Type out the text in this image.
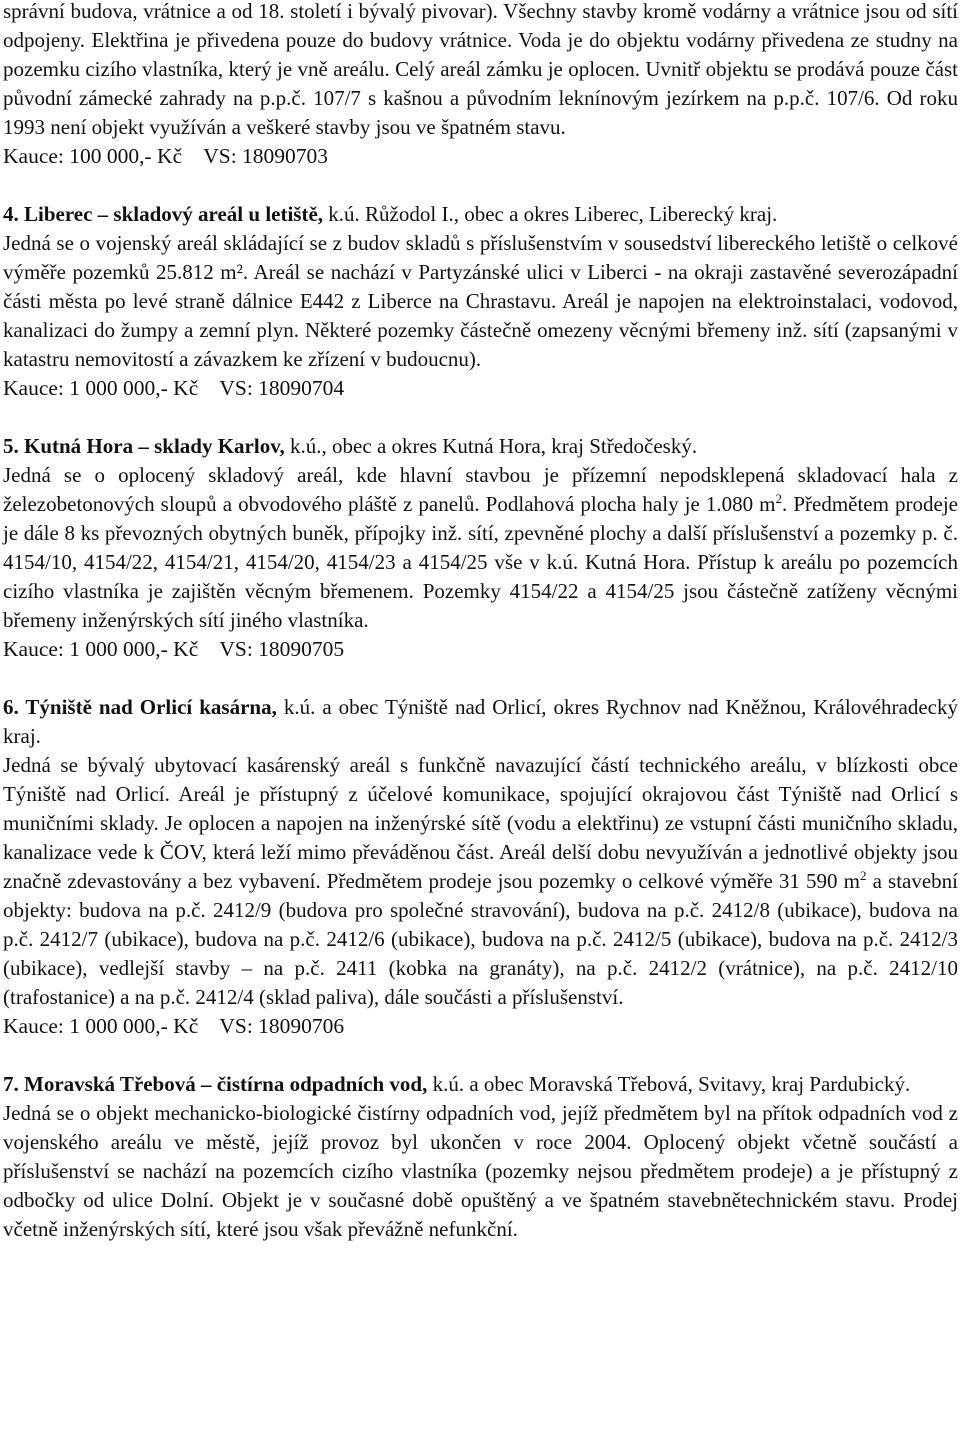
správní budova, vrátnice a od 18. století i bývalý pivovar). Všechny stavby kromě vodárny a vrátnice jsou od sítí odpojeny. Elektřina je přivedena pouze do budovy vrátnice. Voda je do objektu vodárny přivedena ze studny na pozemku cizího vlastníka, který je vně areálu. Celý areál zámku je oplocen. Uvnitř objektu se prodává pouze část původní zámecké zahrady na p.p.č. 107/7 s kašnou a původním leknínovým jezírkem na p.p.č. 107/6. Od roku 1993 není objekt využíván a veškeré stavby jsou ve špatném stavu.

Kauce: 100 000,- Kč    VS: 18090703

4. Liberec – skladový areál u letiště, k.ú. Růžodol I., obec a okres Liberec, Liberecký kraj.

Jedná se o vojenský areál skládající se z budov skladů s příslušenstvím v sousedství libereckého letiště o celkové výměře pozemků 25.812 m². Areál se nachází v Partyzánské ulici v Liberci - na okraji zastavěné severozápadní části města po levé straně dálnice E442 z Liberce na Chrastavu. Areál je napojen na elektroinstalaci, vodovod, kanalizaci do žumpy a zemní plyn. Některé pozemky částečně omezeny věcnými břemeny inž. sítí (zapsanými v katastru nemovitostí a závazkem ke zřízení v budoucnu).

Kauce: 1 000 000,- Kč    VS: 18090704

5. Kutná Hora – sklady Karlov, k.ú., obec a okres Kutná Hora, kraj Středočeský.

Jedná se o oplocený skladový areál, kde hlavní stavbou je přízemní nepodsklepená skladovací hala z železobetonových sloupů a obvodového pláště z panelů. Podlahová plocha haly je 1.080 $m^2$. Předmětem prodeje je dále 8 ks převozných obytných buněk, přípojky inž. sítí, zpevněné plochy a další příslušenství a pozemky p. č. 4154/10, 4154/22, 4154/21, 4154/20, 4154/23 a 4154/25 vše v k.ú. Kutná Hora. Přístup k areálu po pozemcích cizího vlastníka je zajištěn věcným břemenem. Pozemky 4154/22 a 4154/25 jsou částečně zatíženy věcnými břemeny inženýrských sítí jiného vlastníka.

Kauce: 1 000 000,- Kč    VS: 18090705

6. Týniště nad Orlicí kasárna, k.ú. a obec Týniště nad Orlicí, okres Rychnov nad Kněžnou, Královéhradecký kraj.

Jedná se bývalý ubytovací kasárenský areál s funkčně navazující částí technického areálu, v blízkosti obce Týniště nad Orlicí. Areál je přístupný z účelové komunikace, spojující okrajovou část Týniště nad Orlicí s muničními sklady. Je oplocen a napojen na inženýrské sítě (vodu a elektřinu) ze vstupní části muničního skladu, kanalizace vede k ČOV, která leží mimo převáděnou část. Areál delší dobu nevyužíván a jednotlivé objekty jsou značně zdevastovány a bez vybavení. Předmětem prodeje jsou pozemky o celkové výměře 31 590 $m^2$ a stavební objekty: budova na p.č. 2412/9 (budova pro společné stravování), budova na p.č. 2412/8 (ubikace), budova na p.č. 2412/7 (ubikace), budova na p.č. 2412/6 (ubikace), budova na p.č. 2412/5 (ubikace), budova na p.č. 2412/3 (ubikace), vedlejší stavby – na p.č. 2411 (kobka na granáty), na p.č. 2412/2 (vrátnice), na p.č. 2412/10 (trafostanice) a na p.č. 2412/4 (sklad paliva), dále součásti a příslušenství.

Kauce: 1 000 000,- Kč    VS: 18090706

7. Moravská Třebová – čistírna odpadních vod, k.ú. a obec Moravská Třebová, Svitavy, kraj Pardubický.

Jedná se o objekt mechanicko-biologické čistírny odpadních vod, jejíž předmětem byl na přítok odpadních vod z vojenského areálu ve městě, jejíž provoz byl ukončen v roce 2004. Oplocený objekt včetně součástí a příslušenství se nachází na pozemcích cizího vlastníka (pozemky nejsou předmětem prodeje) a je přístupný z odbočky od ulice Dolní. Objekt je v současné době opuštěný a ve špatném stavebnětechnickém stavu. Prodej včetně inženýrských sítí, které jsou však převážně nefunkční.
